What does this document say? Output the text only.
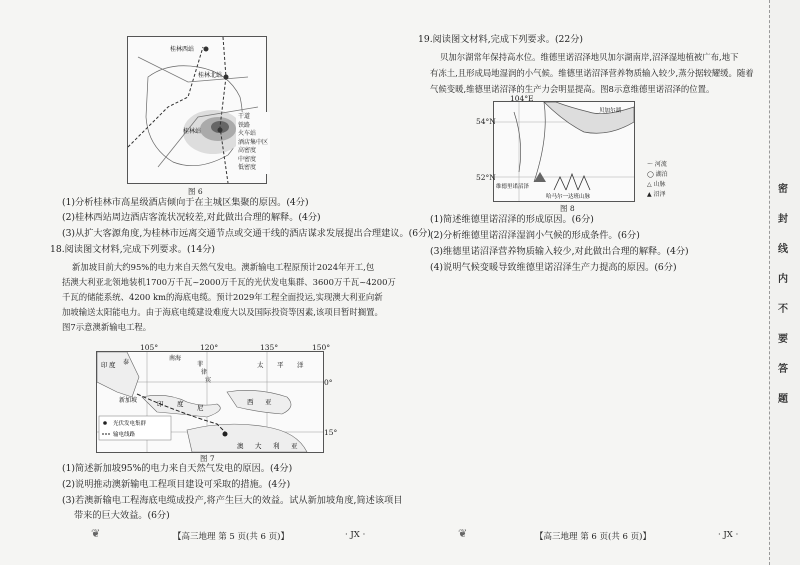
桂林西站
桂林北站
桂林站
干道
铁路
火车站
酒店集中区
高密度
中密度
低密度
图 6
(1)分析桂林市高星级酒店倾向于在主城区集聚的原因。(4分)
(2)桂林西站周边酒店客流状况较差,对此做出合理的解释。(4分)
(3)从扩大客源角度,为桂林市远离交通节点或交通干线的酒店谋求发展提出合理建议。(6分)
18.阅读图文材料,完成下列要求。(14分)
新加坡目前大约95%的电力来自天然气发电。澳新输电工程原预计2024年开工,包
括澳大利亚北领地装机1700万千瓦~2000万千瓦的光伏发电集群、3600万千瓦~4200万
千瓦的储能系统、4200 km的海底电缆。预计2029年工程全面投运,实现澳大利亚向新
加坡输送太阳能电力。由于海底电缆建设难度大以及国际投资等因素,该项目暂时搁置。
图7示意澳新输电工程。
光伏发电集群
输电线路
印 度
新加坡
泰	太 平 洋
南海
菲
律
宾
印 度 尼
西 亚
澳 大 利 亚
105°	120°	135°	150°
0°
15°
图 7
(1)简述新加坡95%的电力来自天然气发电的原因。(4分)
(2)说明推动澳新输电工程项目建设可采取的措施。(4分)
(3)若澳新输电工程海底电缆成投产,将产生巨大的效益。试从新加坡角度,简述该项目
带来的巨大效益。(6分)
❦	【高三地理 第 5 页(共 6 页)】	· JX ·
19.阅读图文材料,完成下列要求。(22分)
贝加尔湖常年保持高水位。维德里诺沼泽地贝加尔湖南岸,沼泽湿地植被广布,地下
有冻土,且形成局地湿润的小气候。维德里诺沼泽营养物质输入较少,蒸分据较耀缓。随着
气候变暖,维德里诺沼泽的生产力会明显提高。图8示意维德里诺沼泽的位置。
贝加尔湖
维德里诺沼泽
哈马尔一达班山脉
104°E
54°N
52°N
〜 河流
◯ 湖泊
△ 山脉
▲ 沼泽
图 8
(1)简述维德里诺沼泽的形成原因。(6分)
(2)分析维德里诺沼泽湿润小气候的形成条件。(6分)
(3)维德里诺沼泽营养物质输入较少,对此做出合理的解释。(4分)
(4)说明气候变暖导致维德里诺沼泽生产力提高的原因。(6分)
❦	【高三地理 第 6 页(共 6 页)】	· JX ·
密
封
线
内
不
要
答
题
